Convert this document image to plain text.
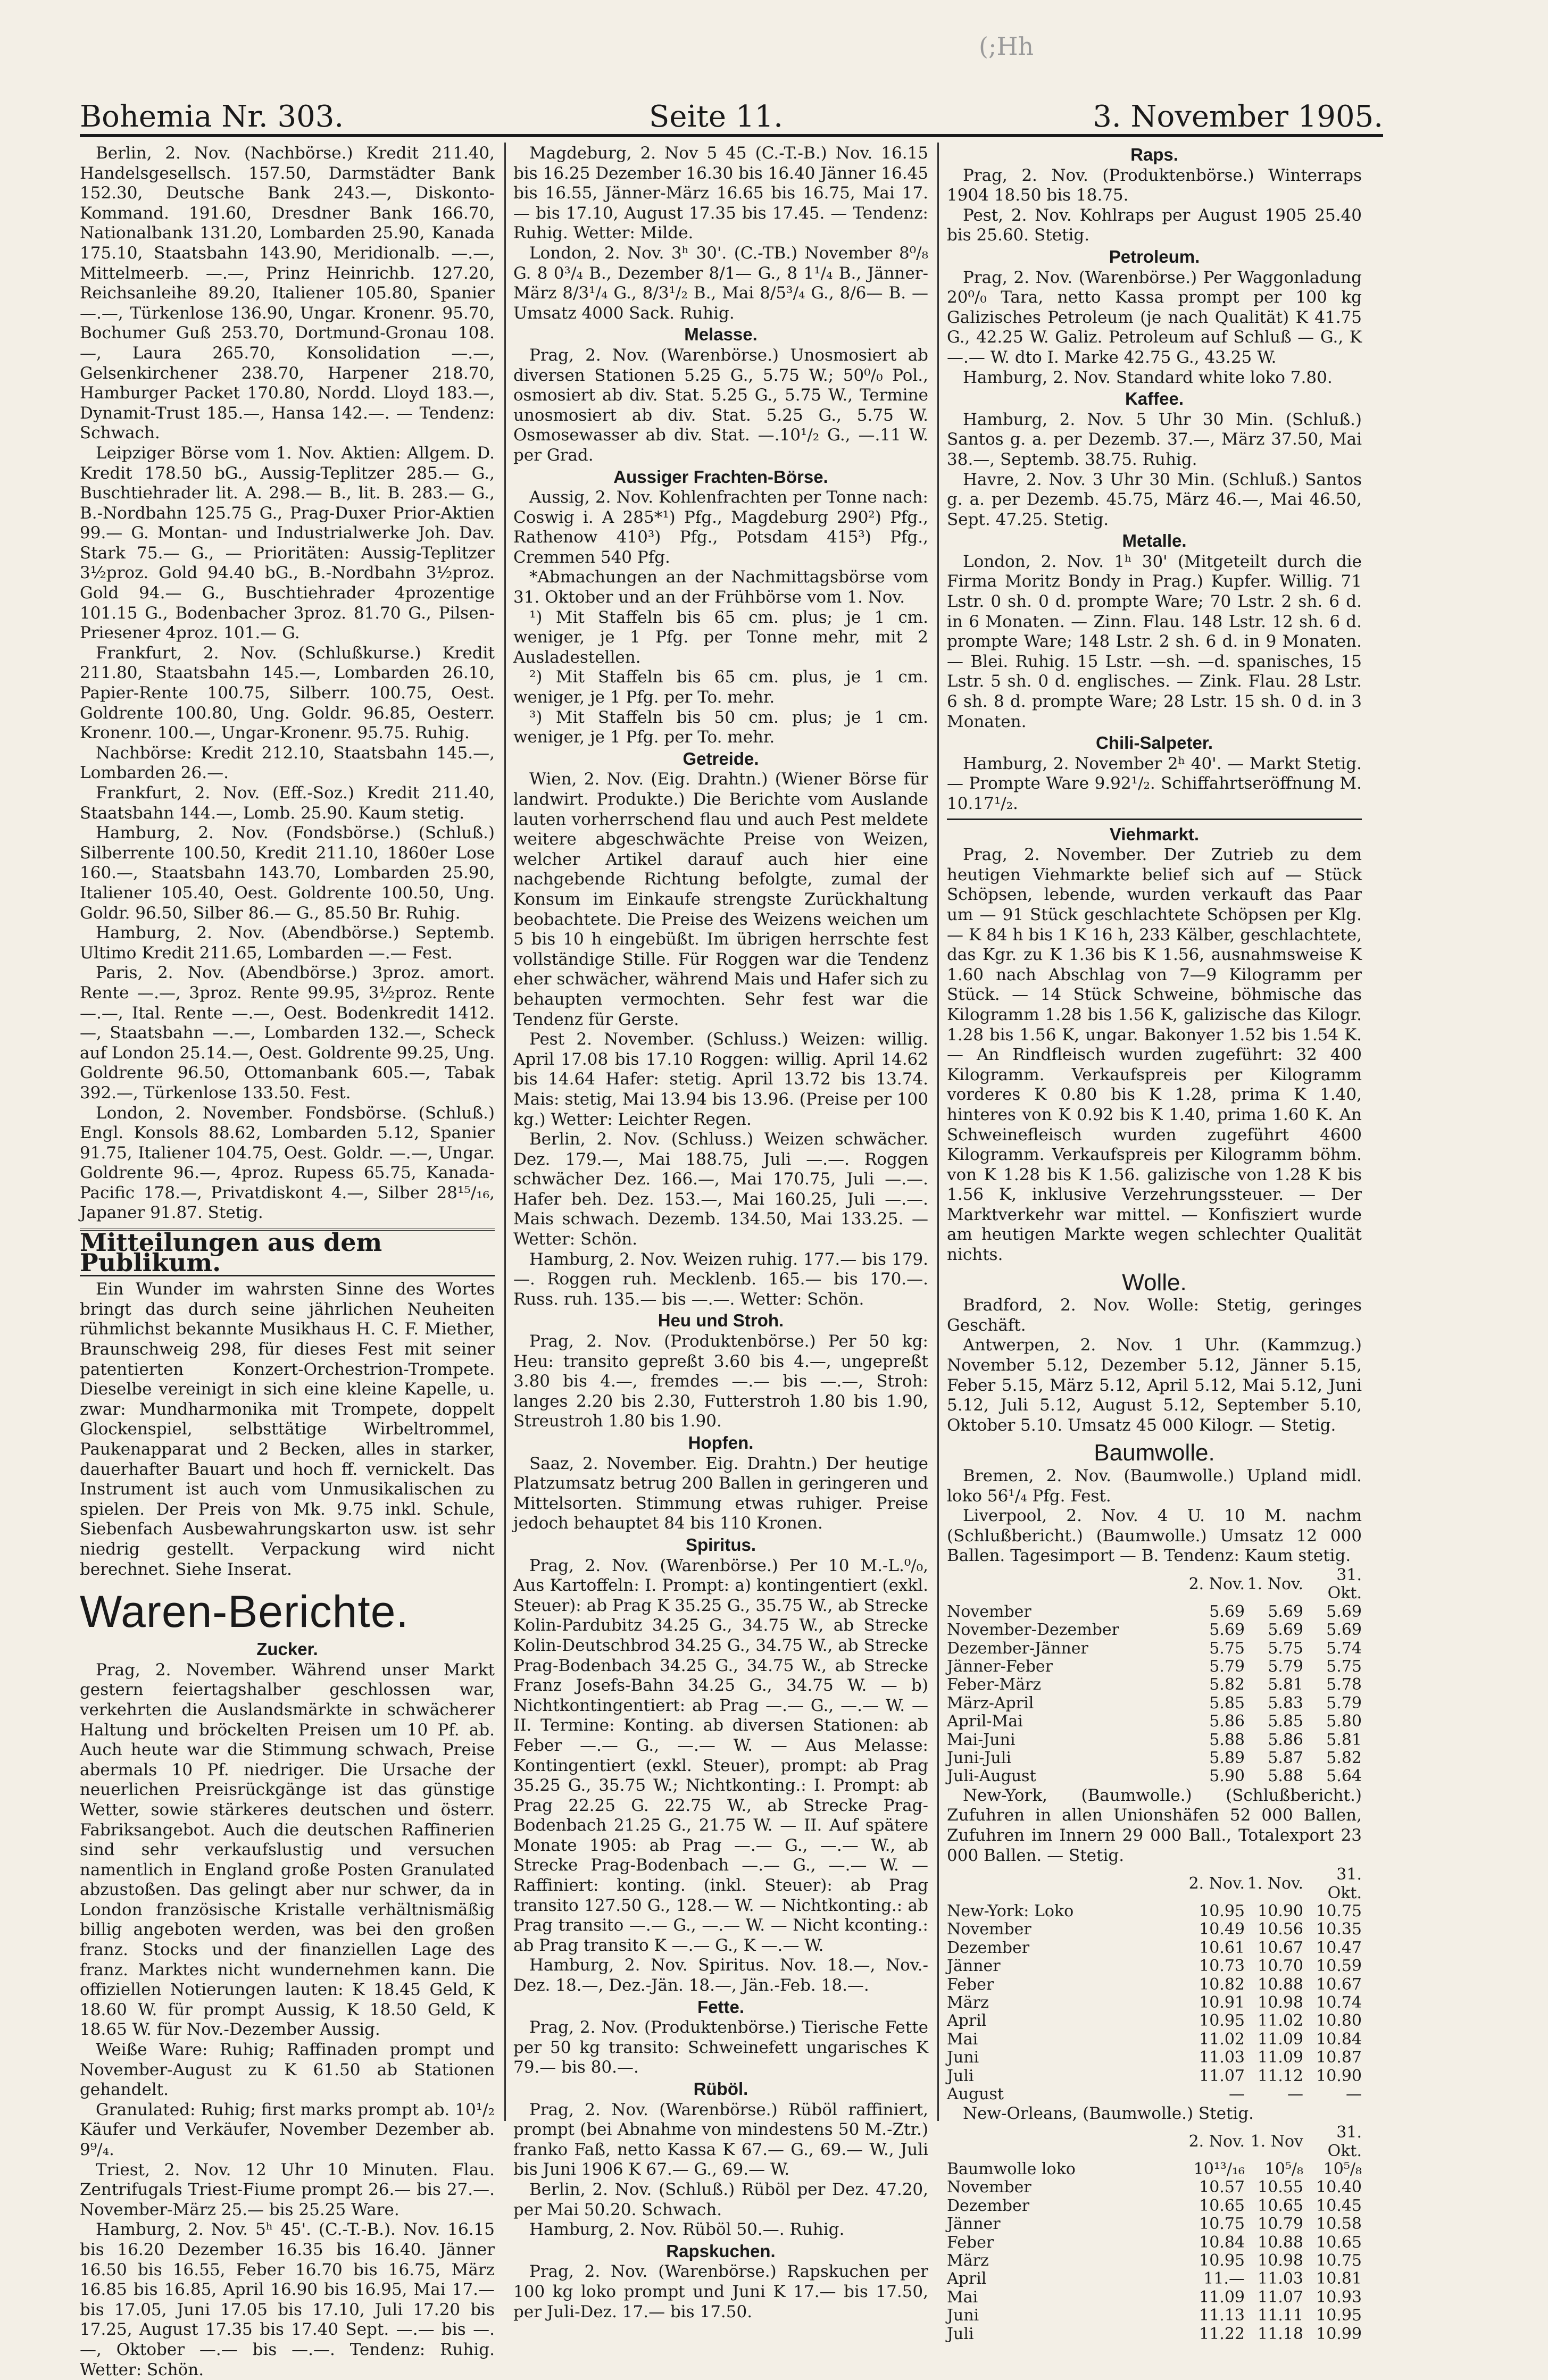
(;Hh
Bohemia Nr. 303.	Seite 11.	3. November 1905.

Berlin, 2. Nov. (Nachbörse.) Kredit 211.40, Handelsgesellsch. 157.50, Darmstädter Bank 152.30, Deutsche Bank 243.—, Diskonto-Kommand. 191.60, Dresdner Bank 166.70, Nationalbank 131.20, Lombarden 25.90, Kanada 175.10, Staatsbahn 143.90, Meridionalb. —.—, Mittelmeerb. —.—, Prinz Heinrichb. 127.20, Reichsanleihe 89.20, Italiener 105.80, Spanier —.—, Türkenlose 136.90, Ungar. Kronenr. 95.70, Bochumer Guß 253.70, Dortmund-Gronau 108.—, Laura 265.70, Konsolidation —.—, Gelsenkirchener 238.70, Harpener 218.70, Hamburger Packet 170.80, Nordd. Lloyd 183.—, Dynamit-Trust 185.—, Hansa 142.—. — Tendenz: Schwach.

Leipziger Börse vom 1. Nov. Aktien: Allgem. D. Kredit 178.50 bG., Aussig-Teplitzer 285.— G., Buschtiehrader lit. A. 298.— B., lit. B. 283.— G., B.-Nordbahn 125.75 G., Prag-Duxer Prior-Aktien 99.— G. Montan- und Industrialwerke Joh. Dav. Stark 75.— G., — Prioritäten: Aussig-Teplitzer 3½proz. Gold 94.40 bG., B.-Nordbahn 3½proz. Gold 94.— G., Buschtiehrader 4prozentige 101.15 G., Bodenbacher 3proz. 81.70 G., Pilsen-Priesener 4proz. 101.— G.

Frankfurt, 2. Nov. (Schlußkurse.) Kredit 211.80, Staatsbahn 145.—, Lombarden 26.10, Papier-Rente 100.75, Silberr. 100.75, Oest. Goldrente 100.80, Ung. Goldr. 96.85, Oesterr. Kronenr. 100.—, Ungar-Kronenr. 95.75. Ruhig.

Nachbörse: Kredit 212.10, Staatsbahn 145.—, Lombarden 26.—.

Frankfurt, 2. Nov. (Eff.-Soz.) Kredit 211.40, Staatsbahn 144.—, Lomb. 25.90. Kaum stetig.

Hamburg, 2. Nov. (Fondsbörse.) (Schluß.) Silberrente 100.50, Kredit 211.10, 1860er Lose 160.—, Staatsbahn 143.70, Lombarden 25.90, Italiener 105.40, Oest. Goldrente 100.50, Ung. Goldr. 96.50, Silber 86.— G., 85.50 Br. Ruhig.

Hamburg, 2. Nov. (Abendbörse.) Septemb. Ultimo Kredit 211.65, Lombarden —.— Fest.

Paris, 2. Nov. (Abendbörse.) 3proz. amort. Rente —.—, 3proz. Rente 99.95, 3½proz. Rente —.—, Ital. Rente —.—, Oest. Bodenkredit 1412.—, Staatsbahn —.—, Lombarden 132.—, Scheck auf London 25.14.—, Oest. Goldrente 99.25, Ung. Goldrente 96.50, Ottomanbank 605.—, Tabak 392.—, Türkenlose 133.50. Fest.

London, 2. November. Fondsbörse. (Schluß.) Engl. Konsols 88.62, Lombarden 5.12, Spanier 91.75, Italiener 104.75, Oest. Goldr. —.—, Ungar. Goldrente 96.—, 4proz. Rupess 65.75, Kanada-Pacific 178.—, Privatdiskont 4.—, Silber 28¹⁵/₁₆, Japaner 91.87. Stetig.

Mitteilungen aus dem Publikum.

Ein Wunder im wahrsten Sinne des Wortes bringt das durch seine jährlichen Neuheiten rühmlichst bekannte Musikhaus H. C. F. Miether, Braunschweig 298, für dieses Fest mit seiner patentierten Konzert-Orchestrion-Trompete. Dieselbe vereinigt in sich eine kleine Kapelle, u. zwar: Mundharmonika mit Trompete, doppelt Glockenspiel, selbsttätige Wirbeltrommel, Paukenapparat und 2 Becken, alles in starker, dauerhafter Bauart und hoch ff. vernickelt. Das Instrument ist auch vom Unmusikalischen zu spielen. Der Preis von Mk. 9.75 inkl. Schule, Siebenfach Ausbewahrungskarton usw. ist sehr niedrig gestellt. Verpackung wird nicht berechnet. Siehe Inserat.

Waren-Berichte.
Zucker.

Prag, 2. November. Während unser Markt gestern feiertagshalber geschlossen war, verkehrten die Auslandsmärkte in schwächerer Haltung und bröckelten Preisen um 10 Pf. ab. Auch heute war die Stimmung schwach, Preise abermals 10 Pf. niedriger. Die Ursache der neuerlichen Preisrückgänge ist das günstige Wetter, sowie stärkeres deutschen und österr. Fabriksangebot. Auch die deutschen Raffinerien sind sehr verkaufslustig und versuchen namentlich in England große Posten Granulated abzustoßen. Das gelingt aber nur schwer, da in London französische Kristalle verhältnismäßig billig angeboten werden, was bei den großen franz. Stocks und der finanziellen Lage des franz. Marktes nicht wundernehmen kann. Die offiziellen Notierungen lauten: K 18.45 Geld, K 18.60 W. für prompt Aussig, K 18.50 Geld, K 18.65 W. für Nov.-Dezember Aussig.

Weiße Ware: Ruhig; Raffinaden prompt und November-August zu K 61.50 ab Stationen gehandelt.

Granulated: Ruhig; first marks prompt ab. 10¹/₂ Käufer und Verkäufer, November Dezember ab. 9⁹/₄.

Triest, 2. Nov. 12 Uhr 10 Minuten. Flau. Zentrifugals Triest-Fiume prompt 26.— bis 27.—. November-März 25.— bis 25.25 Ware.

Hamburg, 2. Nov. 5ʰ 45'. (C.-T.-B.). Nov. 16.15 bis 16.20 Dezember 16.35 bis 16.40. Jänner 16.50 bis 16.55, Feber 16.70 bis 16.75, März 16.85 bis 16.85, April 16.90 bis 16.95, Mai 17.— bis 17.05, Juni 17.05 bis 17.10, Juli 17.20 bis 17.25, August 17.35 bis 17.40 Sept. —.— bis —.—, Oktober —.— bis —.—. Tendenz: Ruhig. Wetter: Schön.

Magdeburg, 2. Nov 5 45 (C.-T.-B.) Nov. 16.15 bis 16.25 Dezember 16.30 bis 16.40 Jänner 16.45 bis 16.55, Jänner-März 16.65 bis 16.75, Mai 17.— bis 17.10, August 17.35 bis 17.45. — Tendenz: Ruhig. Wetter: Milde.

London, 2. Nov. 3ʰ 30'. (C.-TB.) November 8⁰/₈ G. 8 0³/₄ B., Dezember 8/1— G., 8 1¹/₄ B., Jänner-März 8/3¹/₄ G., 8/3¹/₂ B., Mai 8/5³/₄ G., 8/6— B. — Umsatz 4000 Sack. Ruhig.

Melasse.

Prag, 2. Nov. (Warenbörse.) Unosmosiert ab diversen Stationen 5.25 G., 5.75 W.; 50⁰/₀ Pol., osmosiert ab div. Stat. 5.25 G., 5.75 W., Termine unosmosiert ab div. Stat. 5.25 G., 5.75 W. Osmosewasser ab div. Stat. —.10¹/₂ G., —.11 W. per Grad.

Aussiger Frachten-Börse.

Aussig, 2. Nov. Kohlenfrachten per Tonne nach: Coswig i. A 285*¹) Pfg., Magdeburg 290²) Pfg., Rathenow 410³) Pfg., Potsdam 415³) Pfg., Cremmen 540 Pfg.

*Abmachungen an der Nachmittagsbörse vom 31. Oktober und an der Frühbörse vom 1. Nov.

¹) Mit Staffeln bis 65 cm. plus; je 1 cm. weniger, je 1 Pfg. per Tonne mehr, mit 2 Ausladestellen.

²) Mit Staffeln bis 65 cm. plus, je 1 cm. weniger, je 1 Pfg. per To. mehr.

³) Mit Staffeln bis 50 cm. plus; je 1 cm. weniger, je 1 Pfg. per To. mehr.

Getreide.

Wien, 2. Nov. (Eig. Drahtn.) (Wiener Börse für landwirt. Produkte.) Die Berichte vom Auslande lauten vorherrschend flau und auch Pest meldete weitere abgeschwächte Preise von Weizen, welcher Artikel darauf auch hier eine nachgebende Richtung befolgte, zumal der Konsum im Einkaufe strengste Zurückhaltung beobachtete. Die Preise des Weizens weichen um 5 bis 10 h eingebüßt. Im übrigen herrschte fest vollständige Stille. Für Roggen war die Tendenz eher schwächer, während Mais und Hafer sich zu behaupten vermochten. Sehr fest war die Tendenz für Gerste.

Pest 2. November. (Schluss.) Weizen: willig. April 17.08 bis 17.10 Roggen: willig. April 14.62 bis 14.64 Hafer: stetig. April 13.72 bis 13.74. Mais: stetig, Mai 13.94 bis 13.96. (Preise per 100 kg.) Wetter: Leichter Regen.

Berlin, 2. Nov. (Schluss.) Weizen schwächer. Dez. 179.—, Mai 188.75, Juli —.—. Roggen schwächer Dez. 166.—, Mai 170.75, Juli —.—. Hafer beh. Dez. 153.—, Mai 160.25, Juli —.—. Mais schwach. Dezemb. 134.50, Mai 133.25. — Wetter: Schön.

Hamburg, 2. Nov. Weizen ruhig. 177.— bis 179.—. Roggen ruh. Mecklenb. 165.— bis 170.—. Russ. ruh. 135.— bis —.—. Wetter: Schön.

Heu und Stroh.

Prag, 2. Nov. (Produktenbörse.) Per 50 kg: Heu: transito gepreßt 3.60 bis 4.—, ungepreßt 3.80 bis 4.—, fremdes —.— bis —.—, Stroh: langes 2.20 bis 2.30, Futterstroh 1.80 bis 1.90, Streustroh 1.80 bis 1.90.

Hopfen.

Saaz, 2. November. Eig. Drahtn.) Der heutige Platzumsatz betrug 200 Ballen in geringeren und Mittelsorten. Stimmung etwas ruhiger. Preise jedoch behauptet 84 bis 110 Kronen.

Spiritus.

Prag, 2. Nov. (Warenbörse.) Per 10 M.-L.⁰/₀, Aus Kartoffeln: I. Prompt: a) kontingentiert (exkl. Steuer): ab Prag K 35.25 G., 35.75 W., ab Strecke Kolin-Pardubitz 34.25 G., 34.75 W., ab Strecke Kolin-Deutschbrod 34.25 G., 34.75 W., ab Strecke Prag-Bodenbach 34.25 G., 34.75 W., ab Strecke Franz Josefs-Bahn 34.25 G., 34.75 W. — b) Nichtkontingentiert: ab Prag —.— G., —.— W. — II. Termine: Konting. ab diversen Stationen: ab Feber —.— G., —.— W. — Aus Melasse: Kontingentiert (exkl. Steuer), prompt: ab Prag 35.25 G., 35.75 W.; Nichtkonting.: I. Prompt: ab Prag 22.25 G. 22.75 W., ab Strecke Prag-Bodenbach 21.25 G., 21.75 W. — II. Auf spätere Monate 1905: ab Prag —.— G., —.— W., ab Strecke Prag-Bodenbach —.— G., —.— W. — Raffiniert: konting. (inkl. Steuer): ab Prag transito 127.50 G., 128.— W. — Nichtkonting.: ab Prag transito —.— G., —.— W. — Nicht kconting.: ab Prag transito K —.— G., K —.— W.

Hamburg, 2. Nov. Spiritus. Nov. 18.—, Nov.-Dez. 18.—, Dez.-Jän. 18.—, Jän.-Feb. 18.—.

Fette.

Prag, 2. Nov. (Produktenbörse.) Tierische Fette per 50 kg transito: Schweinefett ungarisches K 79.— bis 80.—.

Rüböl.

Prag, 2. Nov. (Warenbörse.) Rüböl raffiniert, prompt (bei Abnahme von mindestens 50 M.-Ztr.) franko Faß, netto Kassa K 67.— G., 69.— W., Juli bis Juni 1906 K 67.— G., 69.— W.

Berlin, 2. Nov. (Schluß.) Rüböl per Dez. 47.20, per Mai 50.20. Schwach.

Hamburg, 2. Nov. Rüböl 50.—. Ruhig.

Rapskuchen.

Prag, 2. Nov. (Warenbörse.) Rapskuchen per 100 kg loko prompt und Juni K 17.— bis 17.50, per Juli-Dez. 17.— bis 17.50.

Raps.

Prag, 2. Nov. (Produktenbörse.) Winterraps 1904 18.50 bis 18.75.

Pest, 2. Nov. Kohlraps per August 1905 25.40 bis 25.60. Stetig.

Petroleum.

Prag, 2. Nov. (Warenbörse.) Per Waggonladung 20⁰/₀ Tara, netto Kassa prompt per 100 kg Galizisches Petroleum (je nach Qualität) K 41.75 G., 42.25 W. Galiz. Petroleum auf Schluß — G., K —.— W. dto I. Marke 42.75 G., 43.25 W.

Hamburg, 2. Nov. Standard white loko 7.80.

Kaffee.

Hamburg, 2. Nov. 5 Uhr 30 Min. (Schluß.) Santos g. a. per Dezemb. 37.—, März 37.50, Mai 38.—, Septemb. 38.75. Ruhig.

Havre, 2. Nov. 3 Uhr 30 Min. (Schluß.) Santos g. a. per Dezemb. 45.75, März 46.—, Mai 46.50, Sept. 47.25. Stetig.

Metalle.

London, 2. Nov. 1ʰ 30' (Mitgeteilt durch die Firma Moritz Bondy in Prag.) Kupfer. Willig. 71 Lstr. 0 sh. 0 d. prompte Ware; 70 Lstr. 2 sh. 6 d. in 6 Monaten. — Zinn. Flau. 148 Lstr. 12 sh. 6 d. prompte Ware; 148 Lstr. 2 sh. 6 d. in 9 Monaten. — Blei. Ruhig. 15 Lstr. —sh. —d. spanisches, 15 Lstr. 5 sh. 0 d. englisches. — Zink. Flau. 28 Lstr. 6 sh. 8 d. prompte Ware; 28 Lstr. 15 sh. 0 d. in 3 Monaten.

Chili-Salpeter.

Hamburg, 2. November 2ʰ 40'. — Markt Stetig. — Prompte Ware 9.92¹/₂. Schiffahrtseröffnung M. 10.17¹/₂.

Viehmarkt.

Prag, 2. November. Der Zutrieb zu dem heutigen Viehmarkte belief sich auf — Stück Schöpsen, lebende, wurden verkauft das Paar um — 91 Stück geschlachtete Schöpsen per Klg. — K 84 h bis 1 K 16 h, 233 Kälber, geschlachtete, das Kgr. zu K 1.36 bis K 1.56, ausnahmsweise K 1.60 nach Abschlag von 7—9 Kilogramm per Stück. — 14 Stück Schweine, böhmische das Kilogramm 1.28 bis 1.56 K, galizische das Kilogr. 1.28 bis 1.56 K, ungar. Bakonyer 1.52 bis 1.54 K. — An Rindfleisch wurden zugeführt: 32 400 Kilogramm. Verkaufspreis per Kilogramm vorderes K 0.80 bis K 1.28, prima K 1.40, hinteres von K 0.92 bis K 1.40, prima 1.60 K. An Schweinefleisch wurden zugeführt 4600 Kilogramm. Verkaufspreis per Kilogramm böhm. von K 1.28 bis K 1.56. galizische von 1.28 K bis 1.56 K, inklusive Verzehrungssteuer. — Der Marktverkehr war mittel. — Konfisziert wurde am heutigen Markte wegen schlechter Qualität nichts.

Wolle.

Bradford, 2. Nov. Wolle: Stetig, geringes Geschäft.

Antwerpen, 2. Nov. 1 Uhr. (Kammzug.) November 5.12, Dezember 5.12, Jänner 5.15, Feber 5.15, März 5.12, April 5.12, Mai 5.12, Juni 5.12, Juli 5.12, August 5.12, September 5.10, Oktober 5.10. Umsatz 45 000 Kilogr. — Stetig.

Baumwolle.

Bremen, 2. Nov. (Baumwolle.) Upland midl. loko 56¹/₄ Pfg. Fest.

Liverpool, 2. Nov. 4 U. 10 M. nachm (Schlußbericht.) (Baumwolle.) Umsatz 12 000 Ballen. Tagesimport — B. Tendenz: Kaum stetig.

	2. Nov.	1. Nov.	31. Okt.
November	5.69	5.69	5.69
November-Dezember	5.69	5.69	5.69
Dezember-Jänner	5.75	5.75	5.74
Jänner-Feber	5.79	5.79	5.75
Feber-März	5.82	5.81	5.78
März-April	5.85	5.83	5.79
April-Mai	5.86	5.85	5.80
Mai-Juni	5.88	5.86	5.81
Juni-Juli	5.89	5.87	5.82
Juli-August	5.90	5.88	5.64

New-York, (Baumwolle.) (Schlußbericht.) Zufuhren in allen Unionshäfen 52 000 Ballen, Zufuhren im Innern 29 000 Ball., Totalexport 23 000 Ballen. — Stetig.

	2. Nov.	1. Nov.	31. Okt.
New-York: Loko	10.95	10.90	10.75
November	10.49	10.56	10.35
Dezember	10.61	10.67	10.47
Jänner	10.73	10.70	10.59
Feber	10.82	10.88	10.67
März	10.91	10.98	10.74
April	10.95	11.02	10.80
Mai	11.02	11.09	10.84
Juni	11.03	11.09	10.87
Juli	11.07	11.12	10.90
August	—	—	—

New-Orleans, (Baumwolle.) Stetig.

	2. Nov.	1. Nov	31. Okt.
Baumwolle loko	10¹³/₁₆	10⁵/₈	10⁵/₈
November	10.57	10.55	10.40
Dezember	10.65	10.65	10.45
Jänner	10.75	10.79	10.58
Feber	10.84	10.88	10.65
März	10.95	10.98	10.75
April	11.—	11.03	10.81
Mai	11.09	11.07	10.93
Juni	11.13	11.11	10.95
Juli	11.22	11.18	10.99
